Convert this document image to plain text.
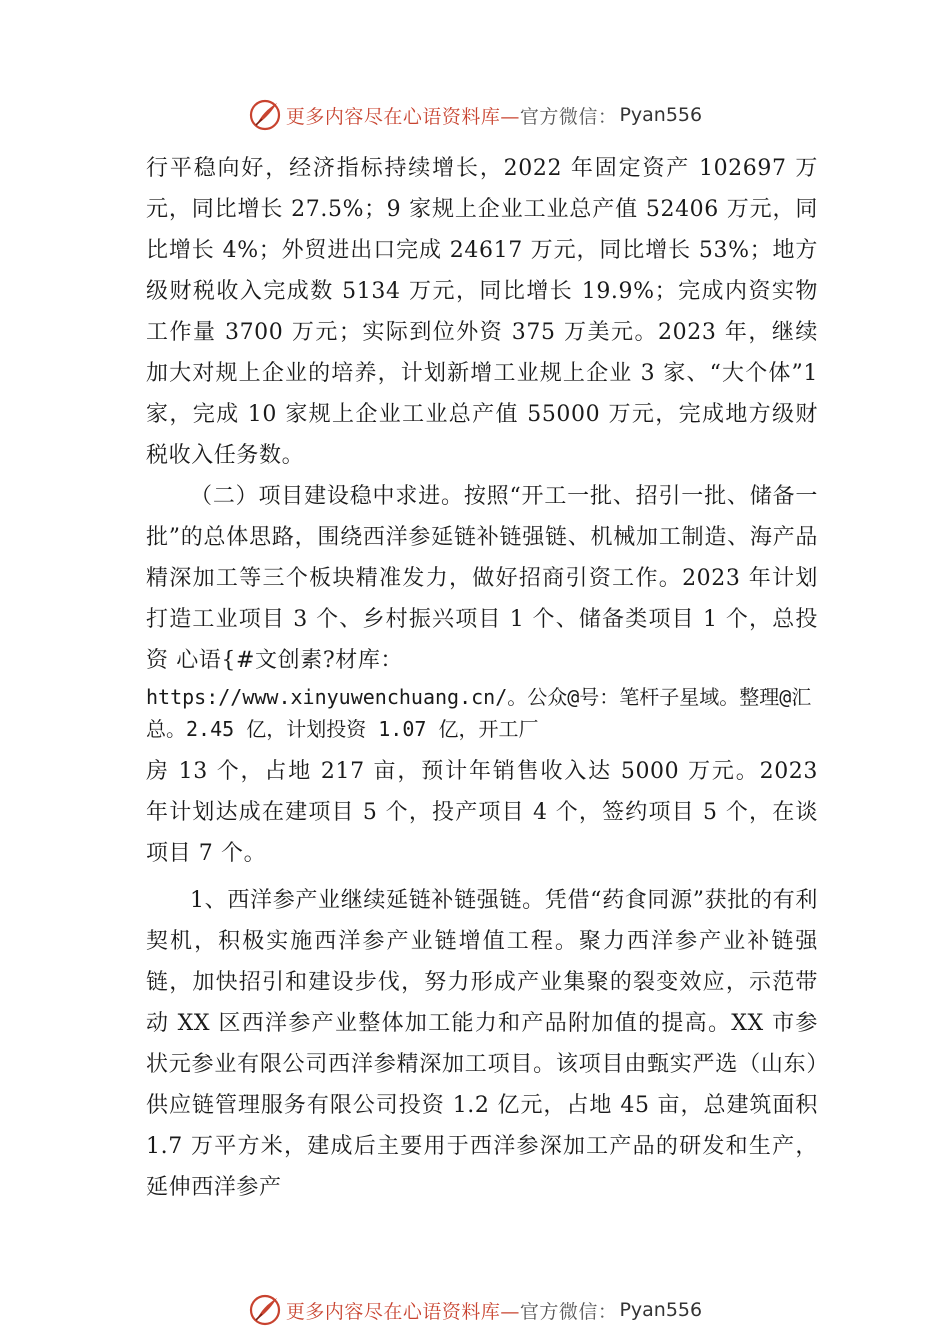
更多内容尽在心语资料库—官方微信： Pyan556

行平稳向好，经济指标持续增长，2022 年固定资产 102697 万元，同比增长 27.5%；9 家规上企业工业总产值 52406 万元，同比增长 4%；外贸进出口完成 24617 万元，同比增长 53%；地方级财税收入完成数 5134 万元，同比增长 19.9%；完成内资实物工作量 3700 万元；实际到位外资 375 万美元。2023 年，继续加大对规上企业的培养，计划新增工业规上企业 3 家、“大个体”1 家，完成 10 家规上企业工业总产值 55000 万元，完成地方级财税收入任务数。

（二）项目建设稳中求进。按照“开工一批、招引一批、储备一批”的总体思路，围绕西洋参延链补链强链、机械加工制造、海产品精深加工等三个板块精准发力，做好招商引资工作。2023 年计划打造工业项目 3 个、乡村振兴项目 1 个、储备类项目 1 个，总投资 心语{#文创素?材库：

https://www.xinyuwenchuang.cn/。公众@号：笔杆子星域。整理@汇总。2.45 亿，计划投资 1.07 亿，开工厂

房 13 个，占地 217 亩，预计年销售收入达 5000 万元。2023 年计划达成在建项目 5 个，投产项目 4 个，签约项目 5 个，在谈项目 7 个。

1、西洋参产业继续延链补链强链。凭借“药食同源”获批的有利契机，积极实施西洋参产业链增值工程。聚力西洋参产业补链强链，加快招引和建设步伐，努力形成产业集聚的裂变效应，示范带动 XX 区西洋参产业整体加工能力和产品附加值的提高。XX 市参状元参业有限公司西洋参精深加工项目。该项目由甄实严选（山东）供应链管理服务有限公司投资 1.2 亿元，占地 45 亩，总建筑面积 1.7 万平方米，建成后主要用于西洋参深加工产品的研发和生产，延伸西洋参产

更多内容尽在心语资料库—官方微信： Pyan556
